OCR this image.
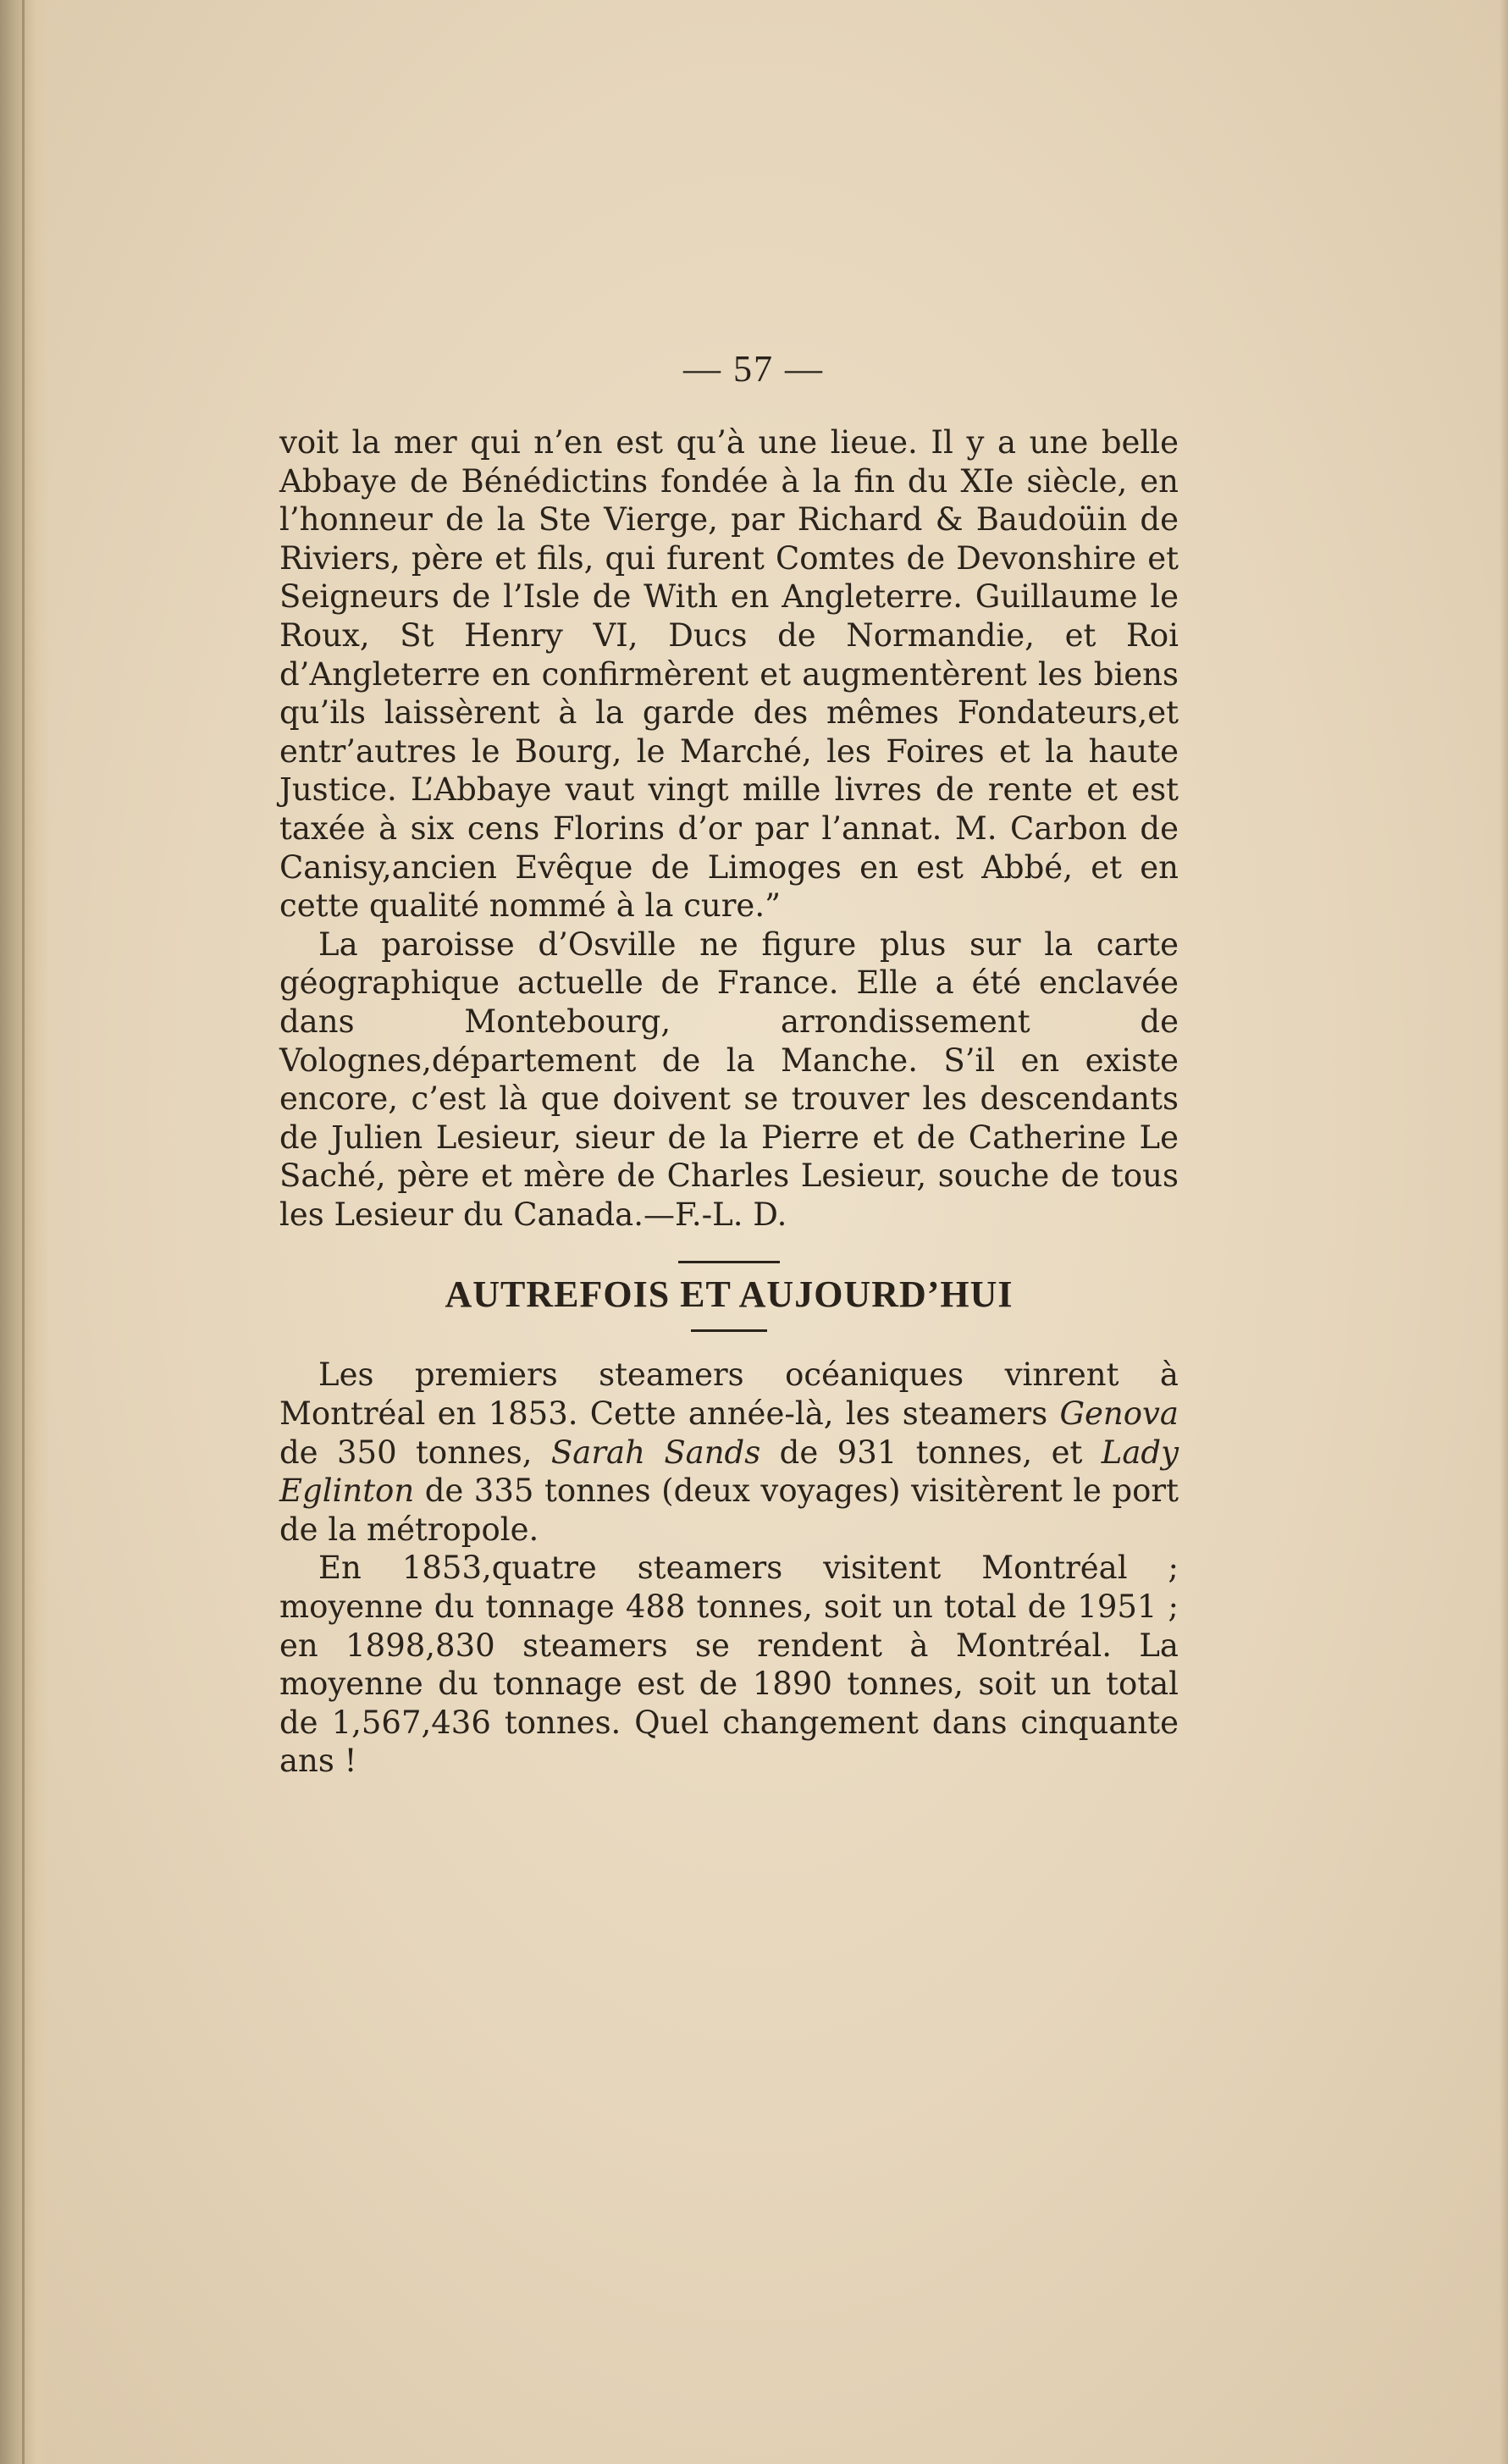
— 57 —

voit la mer qui n’en est qu’à une lieue. Il y a une belle Abbaye de Bénédictins fondée à la fin du XIe siècle, en l’honneur de la Ste Vierge, par Richard & Baudoüin de Riviers, père et fils, qui furent Comtes de Devonshire et Seigneurs de l’Isle de With en Angleterre. Guillaume le Roux, St Henry VI, Ducs de Normandie, et Roi d’Angleterre en confirmèrent et augmentèrent les biens qu’ils laissèrent à la garde des mêmes Fondateurs,et entr’autres le Bourg, le Marché, les Foires et la haute Justice. L’Abbaye vaut vingt mille livres de rente et est taxée à six cens Florins d’or par l’annat. M. Carbon de Canisy,ancien Evêque de Limoges en est Abbé, et en cette qualité nommé à la cure.”

La paroisse d’Osville ne figure plus sur la carte géographique actuelle de France. Elle a été enclavée dans Montebourg, arrondissement de Volognes,département de la Manche. S’il en existe encore, c’est là que doivent se trouver les descendants de Julien Lesieur, sieur de la Pierre et de Catherine Le Saché, père et mère de Charles Lesieur, souche de tous les Lesieur du Canada.—F.-L. D.

AUTREFOIS ET AUJOURD’HUI

Les premiers steamers océaniques vinrent à Montréal en 1853. Cette année-là, les steamers Genova de 350 tonnes, Sarah Sands de 931 tonnes, et Lady Eglinton de 335 tonnes (deux voyages) visitèrent le port de la métropole.

En 1853,quatre steamers visitent Montréal ; moyenne du tonnage 488 tonnes, soit un total de 1951 ; en 1898,830 steamers se rendent à Montréal. La moyenne du tonnage est de 1890 tonnes, soit un total de 1,567,436 tonnes. Quel changement dans cinquante ans !
